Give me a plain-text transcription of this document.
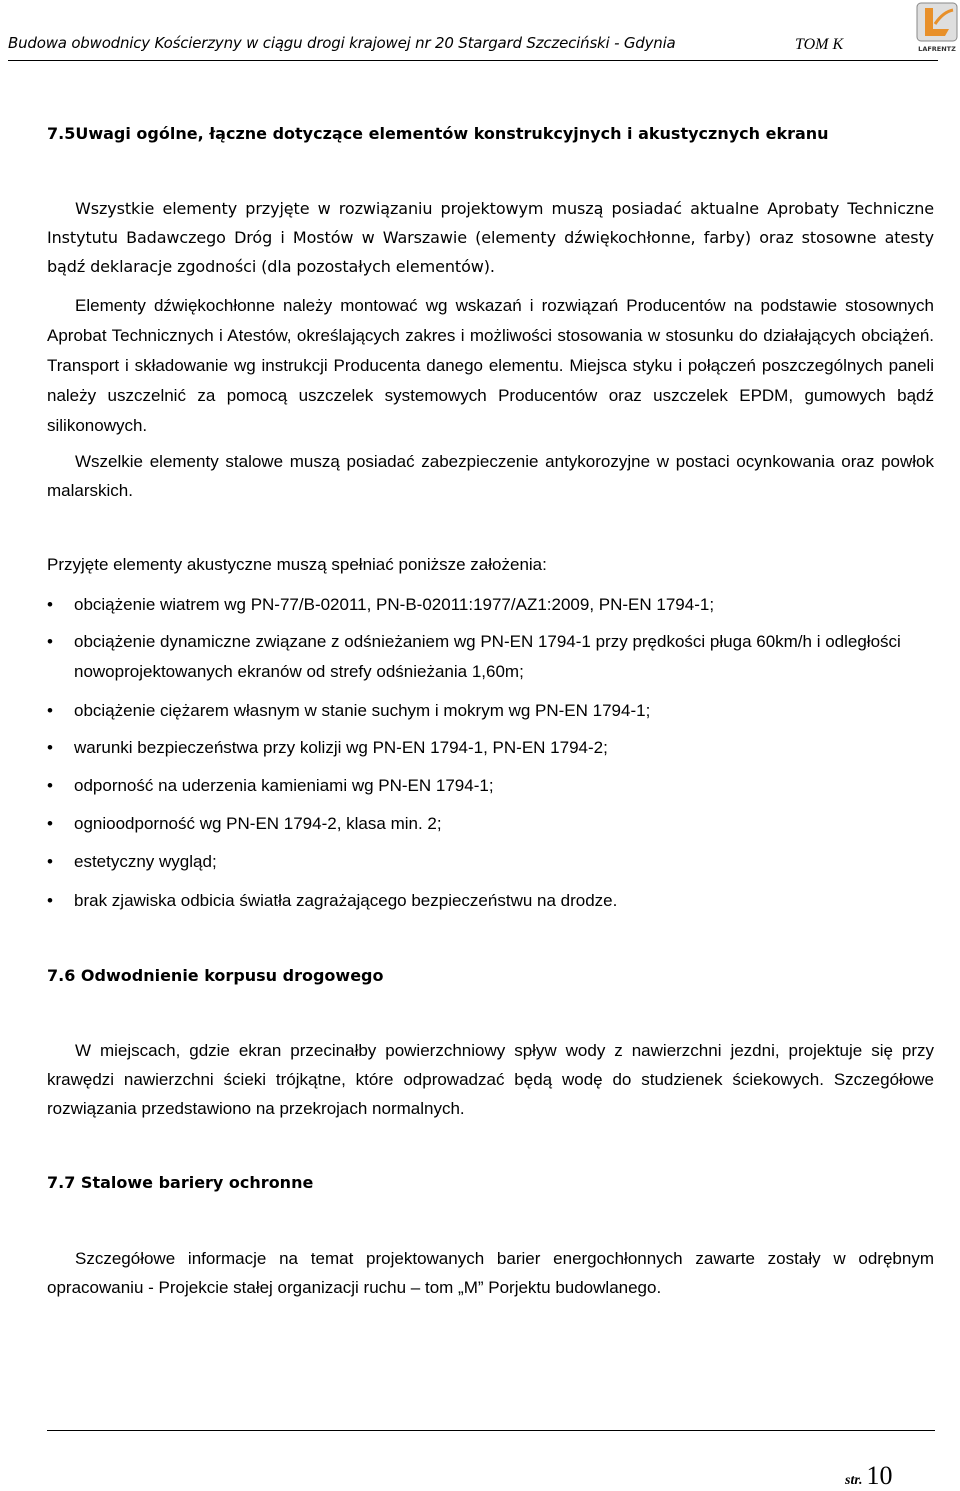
Budowa obwodnicy Kościerzyny w ciągu drogi krajowej nr 20 Stargard Szczeciński - Gdynia	TOM K	LAFRENTZ
7.5Uwagi ogólne, łączne dotyczące elementów konstrukcyjnych i akustycznych ekranu

Wszystkie elementy przyjęte w rozwiązaniu projektowym muszą posiadać aktualne Aprobaty Techniczne Instytutu Badawczego Dróg i Mostów w Warszawie (elementy dźwiękochłonne, farby) oraz stosowne atesty bądź deklaracje zgodności (dla pozostałych elementów).

Elementy dźwiękochłonne należy montować wg wskazań i rozwiązań Producentów na podstawie stosownych Aprobat Technicznych i Atestów, określających zakres i możliwości stosowania w stosunku do działających obciążeń. Transport i składowanie wg instrukcji Producenta danego elementu. Miejsca styku i połączeń poszczególnych paneli należy uszczelnić za pomocą uszczelek systemowych Producentów oraz uszczelek EPDM, gumowych bądź silikonowych.

Wszelkie elementy stalowe muszą posiadać zabezpieczenie antykorozyjne w postaci ocynkowania oraz powłok malarskich.

Przyjęte elementy akustyczne muszą spełniać poniższe założenia:
• obciążenie wiatrem wg PN-77/B-02011, PN-B-02011:1977/AZ1:2009, PN-EN 1794-1;
• obciążenie dynamiczne związane z odśnieżaniem wg PN-EN 1794-1 przy prędkości pługa 60km/h i odległości nowoprojektowanych ekranów od strefy odśnieżania 1,60m;
• obciążenie ciężarem własnym w stanie suchym i mokrym wg PN-EN 1794-1;
• warunki bezpieczeństwa przy kolizji wg PN-EN 1794-1, PN-EN 1794-2;
• odporność na uderzenia kamieniami wg PN-EN 1794-1;
• ognioodporność wg PN-EN 1794-2, klasa min. 2;
• estetyczny wygląd;
• brak zjawiska odbicia światła zagrażającego bezpieczeństwu na drodze.
7.6 Odwodnienie korpusu drogowego

W miejscach, gdzie ekran przecinałby powierzchniowy spływ wody z nawierzchni jezdni, projektuje się przy krawędzi nawierzchni ścieki trójkątne, które odprowadzać będą wodę do studzienek ściekowych. Szczegółowe rozwiązania przedstawiono na przekrojach normalnych.

7.7 Stalowe bariery ochronne

Szczegółowe informacje na temat projektowanych barier energochłonnych zawarte zostały w odrębnym opracowaniu - Projekcie stałej organizacji ruchu – tom „M” Porjektu budowlanego.

str. 10
